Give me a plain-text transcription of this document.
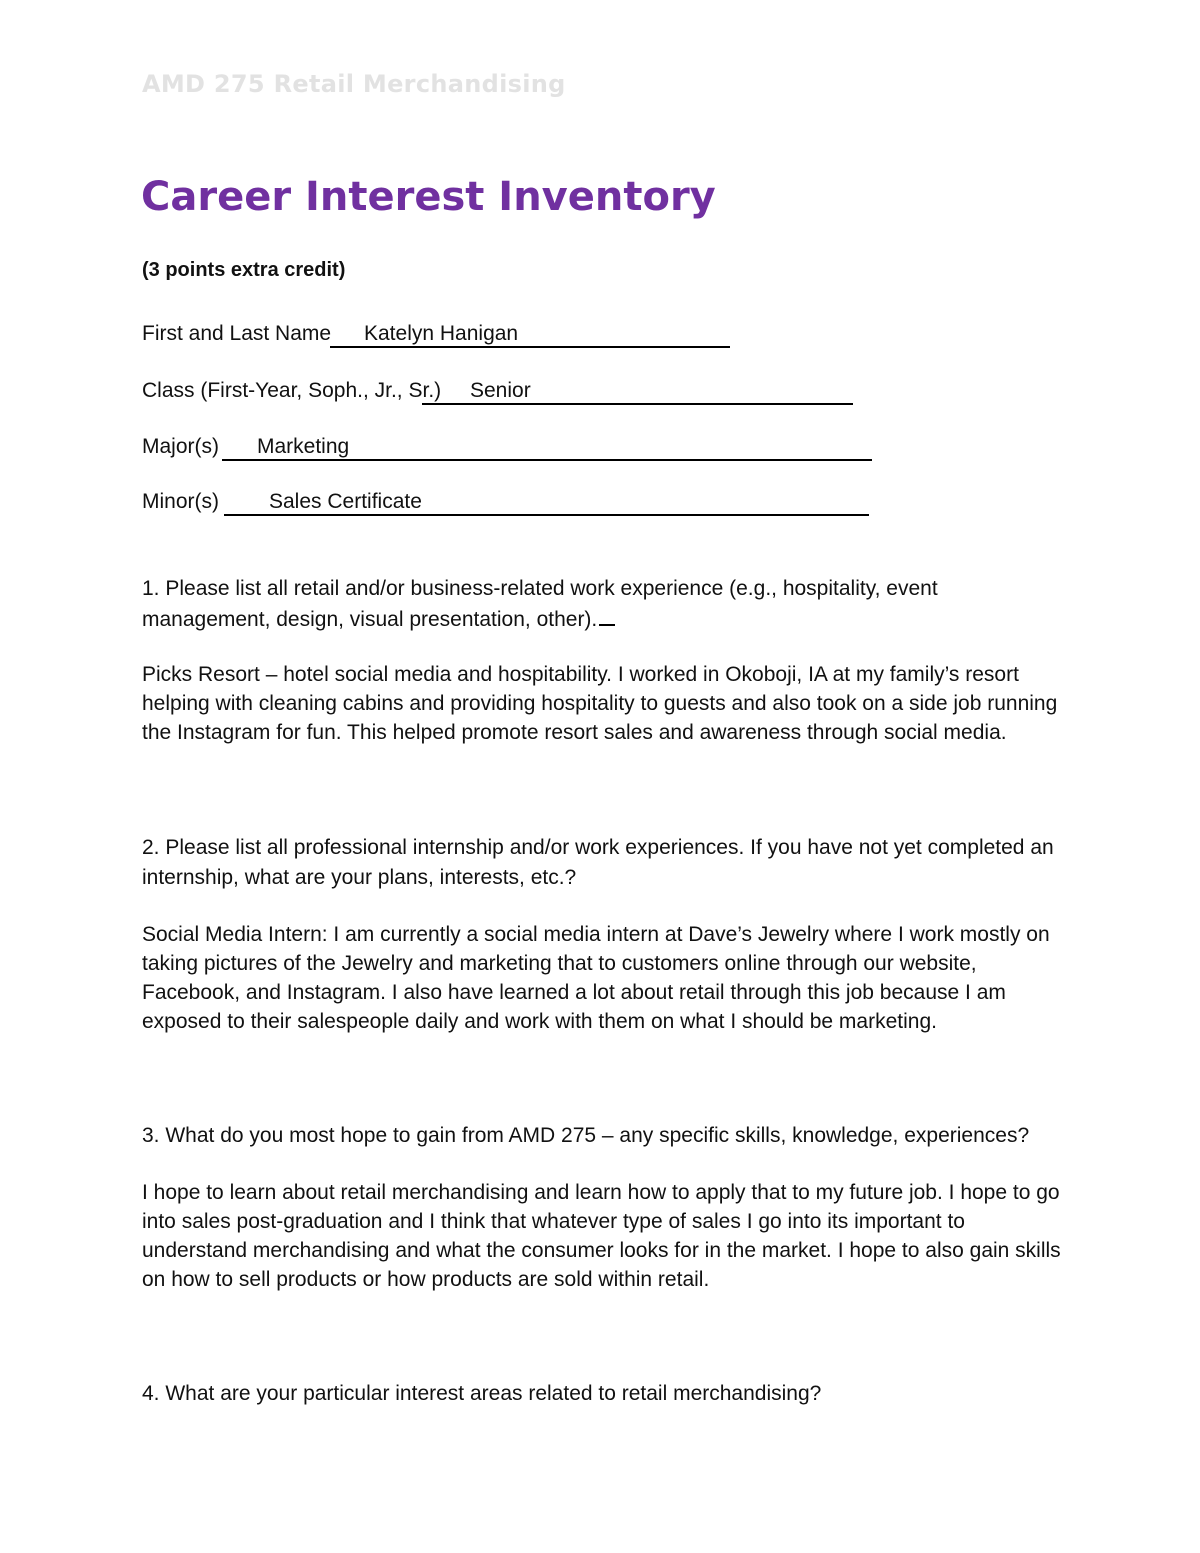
AMD 275 Retail Merchandising
Career Interest Inventory
(3 points extra credit)
First and Last Name Katelyn Hanigan
Class (First-Year, Soph., Jr., Sr.) Senior
Major(s) Marketing
Minor(s) Sales Certificate
1. Please list all retail and/or business-related work experience (e.g., hospitality, event management, design, visual presentation, other).
Picks Resort – hotel social media and hospitability. I worked in Okoboji, IA at my family’s resort helping with cleaning cabins and providing hospitality to guests and also took on a side job running the Instagram for fun. This helped promote resort sales and awareness through social media.
2. Please list all professional internship and/or work experiences. If you have not yet completed an internship, what are your plans, interests, etc.?
Social Media Intern: I am currently a social media intern at Dave’s Jewelry where I work mostly on taking pictures of the Jewelry and marketing that to customers online through our website, Facebook, and Instagram. I also have learned a lot about retail through this job because I am exposed to their salespeople daily and work with them on what I should be marketing.
3. What do you most hope to gain from AMD 275 – any specific skills, knowledge, experiences?
I hope to learn about retail merchandising and learn how to apply that to my future job. I hope to go into sales post-graduation and I think that whatever type of sales I go into its important to understand merchandising and what the consumer looks for in the market. I hope to also gain skills on how to sell products or how products are sold within retail.
4. What are your particular interest areas related to retail merchandising?
